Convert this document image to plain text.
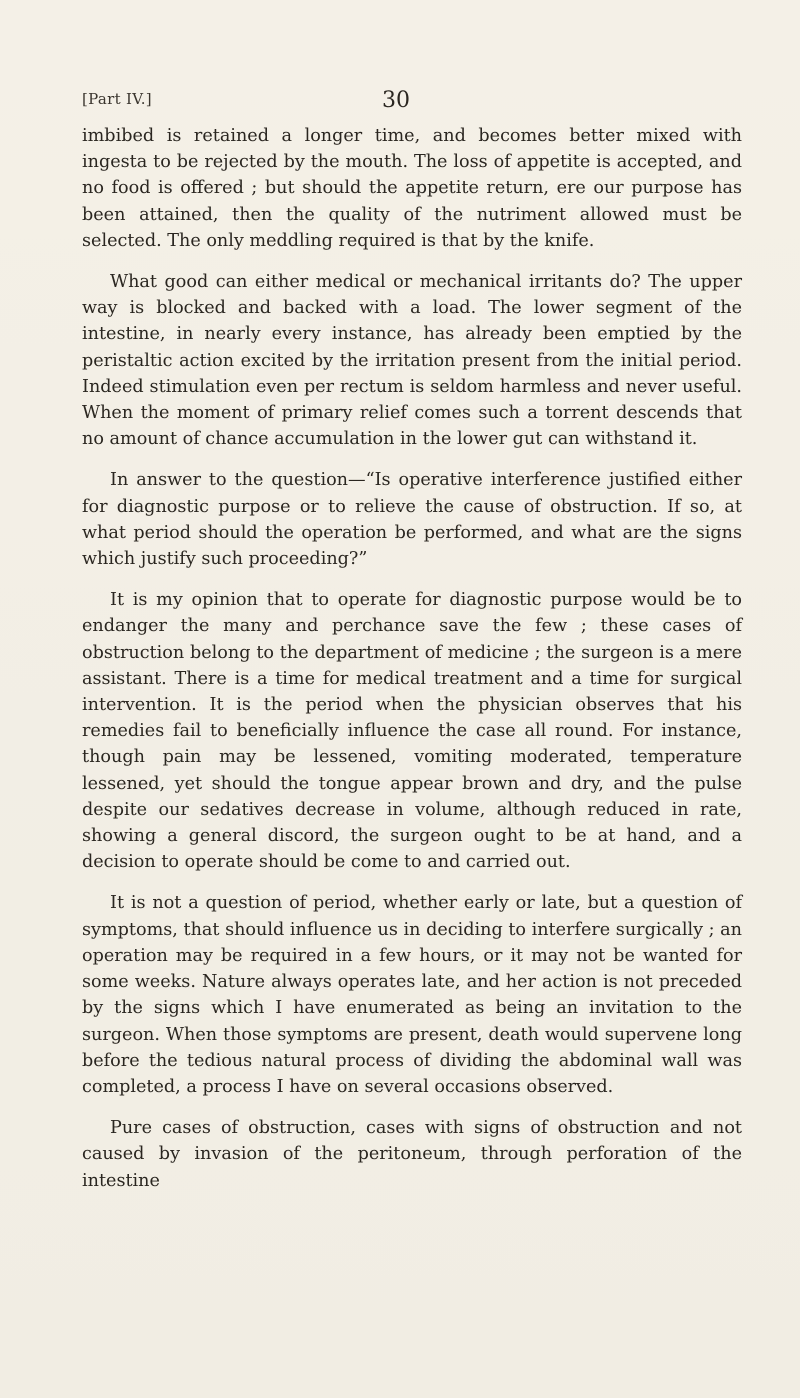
[Part IV.]	30

imbibed is retained a longer time, and becomes better mixed with ingesta to be rejected by the mouth. The loss of appetite is accepted, and no food is offered ; but should the appetite return, ere our purpose has been attained, then the quality of the nutriment allowed must be selected. The only meddling required is that by the knife.

What good can either medical or mechanical irritants do? The upper way is blocked and backed with a load. The lower segment of the intestine, in nearly every instance, has already been emptied by the peristaltic action excited by the irritation present from the initial period. Indeed stimulation even per rectum is seldom harmless and never useful. When the moment of primary relief comes such a torrent descends that no amount of chance accumulation in the lower gut can withstand it.

In answer to the question—“Is operative interference justified either for diagnostic purpose or to relieve the cause of obstruction. If so, at what period should the operation be performed, and what are the signs which justify such proceeding?”

It is my opinion that to operate for diagnostic purpose would be to endanger the many and perchance save the few ; these cases of obstruction belong to the department of medicine ; the surgeon is a mere assistant. There is a time for medical treatment and a time for surgical intervention. It is the period when the physician observes that his remedies fail to beneficially influence the case all round. For instance, though pain may be lessened, vomiting moderated, temperature lessened, yet should the tongue appear brown and dry, and the pulse despite our sedatives decrease in volume, although reduced in rate, showing a general discord, the surgeon ought to be at hand, and a decision to operate should be come to and carried out.

It is not a question of period, whether early or late, but a question of symptoms, that should influence us in deciding to interfere surgically ; an operation may be required in a few hours, or it may not be wanted for some weeks. Nature always operates late, and her action is not preceded by the signs which I have enumerated as being an invitation to the surgeon. When those symptoms are present, death would supervene long before the tedious natural process of dividing the abdominal wall was completed, a process I have on several occasions observed.

Pure cases of obstruction, cases with signs of obstruction and not caused by invasion of the peritoneum, through perforation of the intestine
